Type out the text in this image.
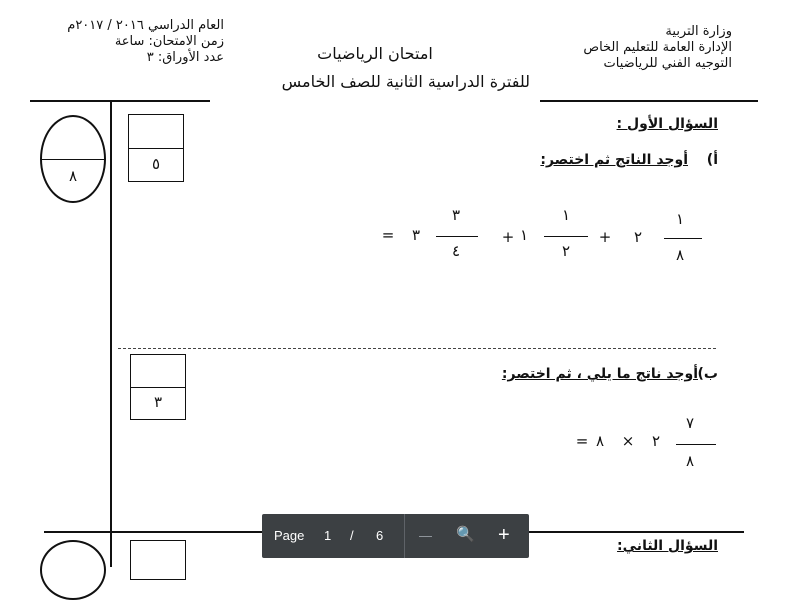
وزارة التربية
الإدارة العامة للتعليم الخاص
التوجيه الفني للرياضيات
العام الدراسي ٢٠١٦ / ٢٠١٧م
زمن الامتحان: ساعة
عدد الأوراق: ٣	امتحان الرياضيات
للفترة الدراسية الثانية للصف الخامس
٨
٥
٣
السؤال الأول :
أ)
أوجد الناتج ثم اختصر:
١
٨
٢
+
١
٢
١
+
٣
٤
٣
=
ب)
أوجد ناتج ما يلي ، ثم اختصر:
٧
٨
٢
×
٨
=
السؤال الثاني:
Page 1 / 6	— 🔍 +
